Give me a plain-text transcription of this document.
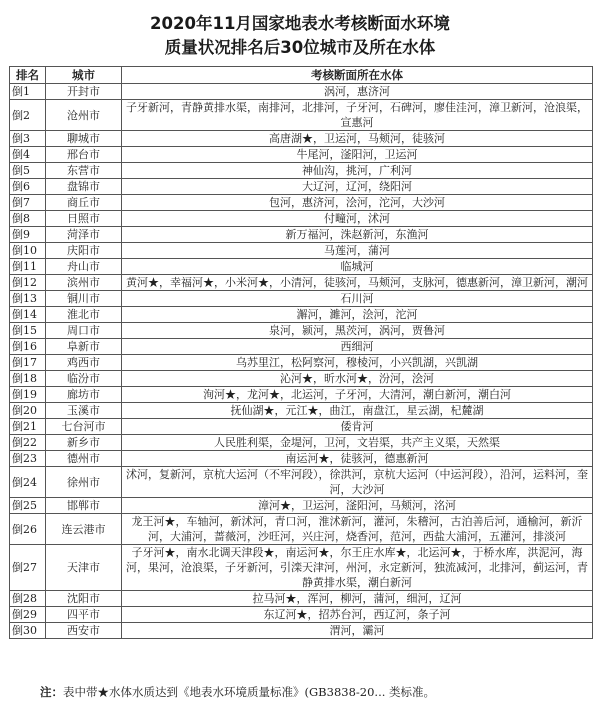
2020年11月国家地表水考核断面水环境
质量状况排名后30位城市及所在水体
排名	城市	考核断面所在水体
倒1	开封市	涡河，惠济河
倒2	沧州市	子牙新河，青静黄排水渠，南排河，北排河，子牙河，石碑河，廖佳洼河，漳卫新河，沧浪渠，宣惠河
倒3	聊城市	高唐湖★，卫运河，马颊河，徒骇河
倒4	邢台市	牛尾河，滏阳河，卫运河
倒5	东营市	神仙沟，挑河，广利河
倒6	盘锦市	大辽河，辽河，绕阳河
倒7	商丘市	包河，惠济河，浍河，沱河，大沙河
倒8	日照市	付疃河，沭河
倒9	菏泽市	新万福河，洙赵新河，东渔河
倒10	庆阳市	马莲河，蒲河
倒11	舟山市	临城河
倒12	滨州市	黄河★，幸福河★，小米河★，小清河，徒骇河，马颊河，支脉河，德惠新河，漳卫新河，潮河
倒13	铜川市	石川河
倒14	淮北市	澥河，濉河，浍河，沱河
倒15	周口市	泉河，颍河，黑茨河，涡河，贾鲁河
倒16	阜新市	西细河
倒17	鸡西市	乌苏里江，松阿察河，穆棱河，小兴凯湖，兴凯湖
倒18	临汾市	沁河★，昕水河★，汾河，浍河
倒19	廊坊市	洵河★，龙河★，北运河，子牙河，大清河，潮白新河，潮白河
倒20	玉溪市	抚仙湖★，元江★，曲江，南盘江，星云湖，杞麓湖
倒21	七台河市	倭肯河
倒22	新乡市	人民胜利渠，金堤河，卫河，文岩渠，共产主义渠，天然渠
倒23	德州市	南运河★，徒骇河，德惠新河
倒24	徐州市	沭河，复新河，京杭大运河（不牢河段），徐洪河，京杭大运河（中运河段），沿河，运料河，奎河，大沙河
倒25	邯郸市	漳河★，卫运河，滏阳河，马颊河，洺河
倒26	连云港市	龙王河★，车轴河，新沭河，青口河，淮沭新河，灌河，朱稽河，古泊善后河，通榆河，新沂河，大浦河，蔷薇河，沙旺河，兴庄河，烧香河，范河，西盐大浦河，五灌河，排淡河
倒27	天津市	子牙河★，南水北调天津段★，南运河★，尔王庄水库★，北运河★，于桥水库，洪泥河，海河，果河，沧浪渠，子牙新河，引滦天津河，州河，永定新河，独流减河，北排河，蓟运河，青静黄排水渠，潮白新河
倒28	沈阳市	拉马河★，浑河，柳河，蒲河，细河，辽河
倒29	四平市	东辽河★，招苏台河，西辽河，条子河
倒30	西安市	渭河，灞河
注：表中带★水体水质达到《地表水环境质量标准》(GB3838-20... 类标准。
